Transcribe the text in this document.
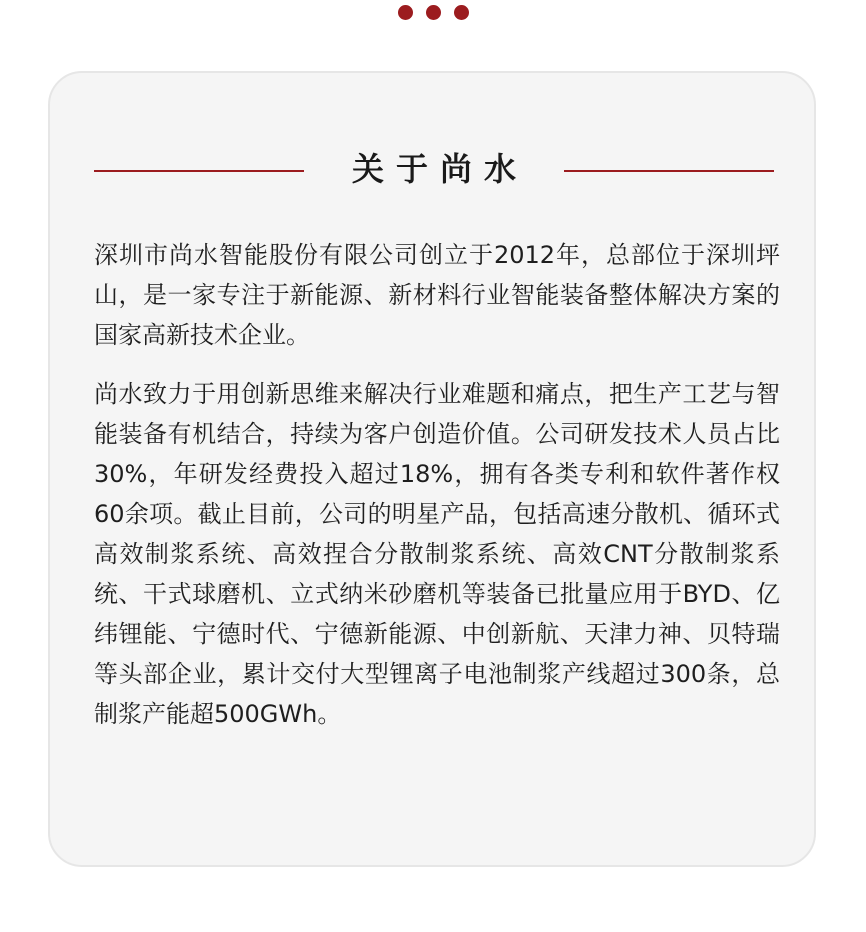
关于尚水

深圳市尚水智能股份有限公司创立于2012年，总部位于深圳坪山，是一家专注于新能源、新材料行业智能装备整体解决方案的国家高新技术企业。

尚水致力于用创新思维来解决行业难题和痛点，把生产工艺与智能装备有机结合，持续为客户创造价值。公司研发技术人员占比30%，年研发经费投入超过18%，拥有各类专利和软件著作权60余项。截止目前，公司的明星产品，包括高速分散机、循环式高效制浆系统、高效捏合分散制浆系统、高效CNT分散制浆系统、干式球磨机、立式纳米砂磨机等装备已批量应用于BYD、亿纬锂能、宁德时代、宁德新能源、中创新航、天津力神、贝特瑞等头部企业，累计交付大型锂离子电池制浆产线超过300条，总制浆产能超500GWh。
